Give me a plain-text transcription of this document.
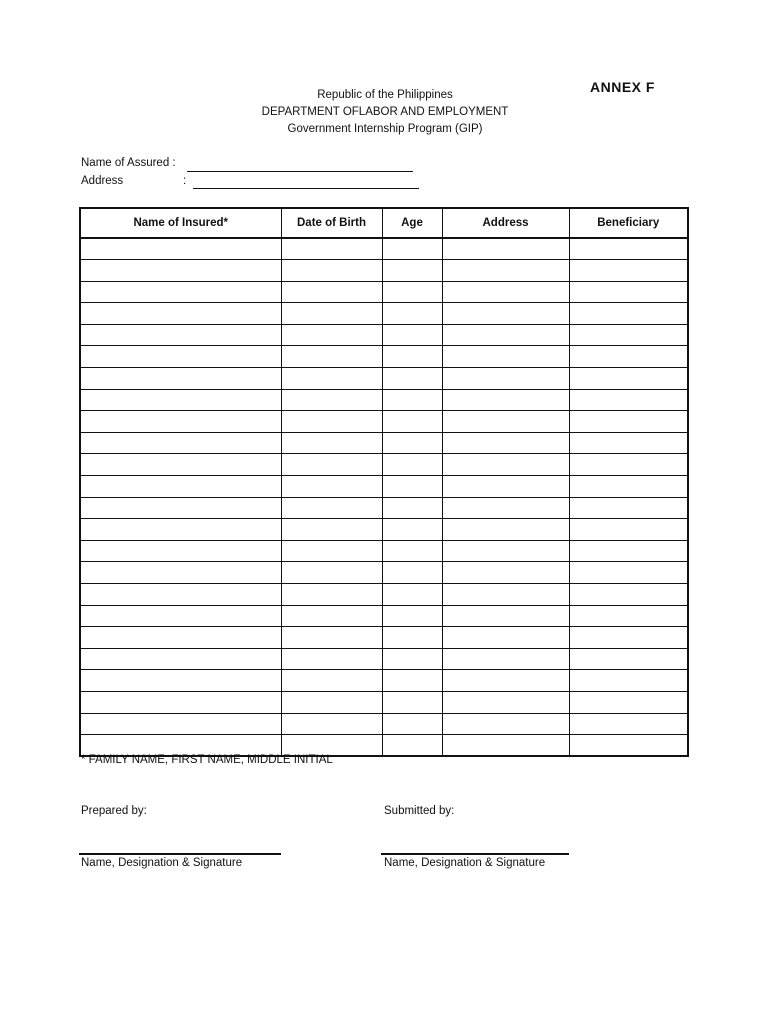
ANNEX F
Republic of the Philippines
DEPARTMENT OFLABOR AND EMPLOYMENT
Government Internship Program (GIP)
Name of Assured :
Address	:
Name of Insured*	Date of Birth	Age	Address	Beneficiary

* FAMILY NAME, FIRST NAME, MIDDLE INITIAL
Prepared by:	Submitted by:
Name, Designation & Signature	Name, Designation & Signature
